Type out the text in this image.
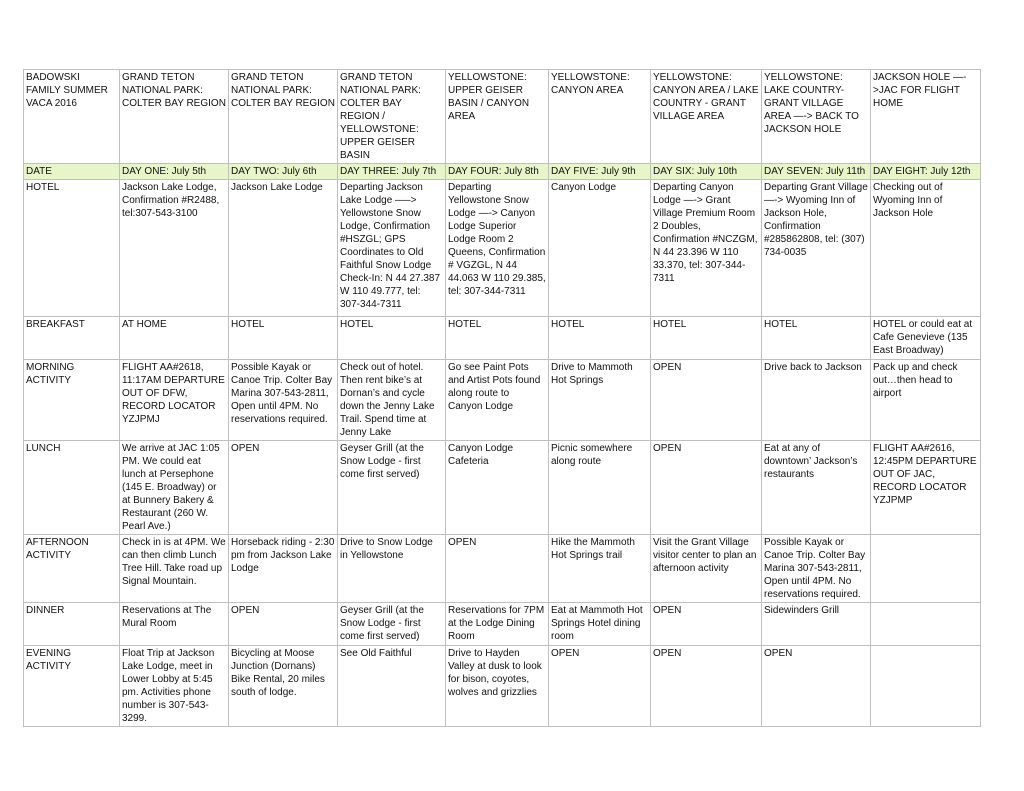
BADOWSKI FAMILY SUMMER VACA 2016	GRAND TETON NATIONAL PARK: COLTER BAY REGION	GRAND TETON NATIONAL PARK: COLTER BAY REGION	GRAND TETON NATIONAL PARK: COLTER BAY REGION / YELLOWSTONE: UPPER GEISER BASIN	YELLOWSTONE: UPPER GEISER BASIN / CANYON AREA	YELLOWSTONE: CANYON AREA	YELLOWSTONE: CANYON AREA / LAKE COUNTRY - GRANT VILLAGE AREA	YELLOWSTONE: LAKE COUNTRY- GRANT VILLAGE AREA —-> BACK TO JACKSON HOLE	JACKSON HOLE —->JAC FOR FLIGHT HOME
DATE	DAY ONE: July 5th	DAY TWO: July 6th	DAY THREE: July 7th	DAY FOUR: July 8th	DAY FIVE: July 9th	DAY SIX: July 10th	DAY SEVEN: July 11th	DAY EIGHT: July 12th
HOTEL	Jackson Lake Lodge, Confirmation #R2488, tel:307-543-3100	Jackson Lake Lodge	Departing Jackson Lake Lodge —–> Yellowstone Snow Lodge, Confirmation #HSZGL; GPS Coordinates to Old Faithful Snow Lodge Check-In: N 44 27.387 W 110 49.777, tel: 307-344-7311	Departing Yellowstone Snow Lodge —-> Canyon Lodge Superior Lodge Room 2 Queens, Confirmation # VGZGL, N 44 44.063 W 110 29.385, tel: 307-344-7311	Canyon Lodge	Departing Canyon Lodge —-> Grant Village Premium Room 2 Doubles, Confirmation #NCZGM, N 44 23.396 W 110 33.370, tel: 307-344-7311	Departing Grant Village —-> Wyoming Inn of Jackson Hole, Confirmation #285862808, tel: (307) 734-0035	Checking out of Wyoming Inn of Jackson Hole
BREAKFAST	AT HOME	HOTEL	HOTEL	HOTEL	HOTEL	HOTEL	HOTEL	HOTEL or could eat at Cafe Genevieve (135 East Broadway)
MORNING ACTIVITY	FLIGHT AA#2618, 11:17AM DEPARTURE OUT OF DFW, RECORD LOCATOR YZJPMJ	Possible Kayak or Canoe Trip. Colter Bay Marina 307-543-2811, Open until 4PM. No reservations required.	Check out of hotel. Then rent bike’s at Dornan’s and cycle down the Jenny Lake Trail. Spend time at Jenny Lake	Go see Paint Pots and Artist Pots found along route to Canyon Lodge	Drive to Mammoth Hot Springs	OPEN	Drive back to Jackson	Pack up and check out…then head to airport
LUNCH	We arrive at JAC 1:05 PM. We could eat lunch at Persephone (145 E. Broadway) or at Bunnery Bakery & Restaurant (260 W. Pearl Ave.)	OPEN	Geyser Grill (at the Snow Lodge - first come first served)	Canyon Lodge Cafeteria	Picnic somewhere along route	OPEN	Eat at any of downtown’ Jackson’s restaurants	FLIGHT AA#2616, 12:45PM DEPARTURE OUT OF JAC, RECORD LOCATOR YZJPMP
AFTERNOON ACTIVITY	Check in is at 4PM. We can then climb Lunch Tree Hill. Take road up Signal Mountain.	Horseback riding - 2:30 pm from Jackson Lake Lodge	Drive to Snow Lodge in Yellowstone	OPEN	Hike the Mammoth Hot Springs trail	Visit the Grant Village visitor center to plan an afternoon activity	Possible Kayak or Canoe Trip. Colter Bay Marina 307-543-2811, Open until 4PM. No reservations required.	
DINNER	Reservations at The Mural Room	OPEN	Geyser Grill (at the Snow Lodge - first come first served)	Reservations for 7PM at the Lodge Dining Room	Eat at Mammoth Hot Springs Hotel dining room	OPEN	Sidewinders Grill	
EVENING ACTIVITY	Float Trip at Jackson Lake Lodge, meet in Lower Lobby at 5:45 pm. Activities phone number is 307-543-3299.	Bicycling at Moose Junction (Dornans) Bike Rental, 20 miles south of lodge.	See Old Faithful	Drive to Hayden Valley at dusk to look for bison, coyotes, wolves and grizzlies	OPEN	OPEN	OPEN	
